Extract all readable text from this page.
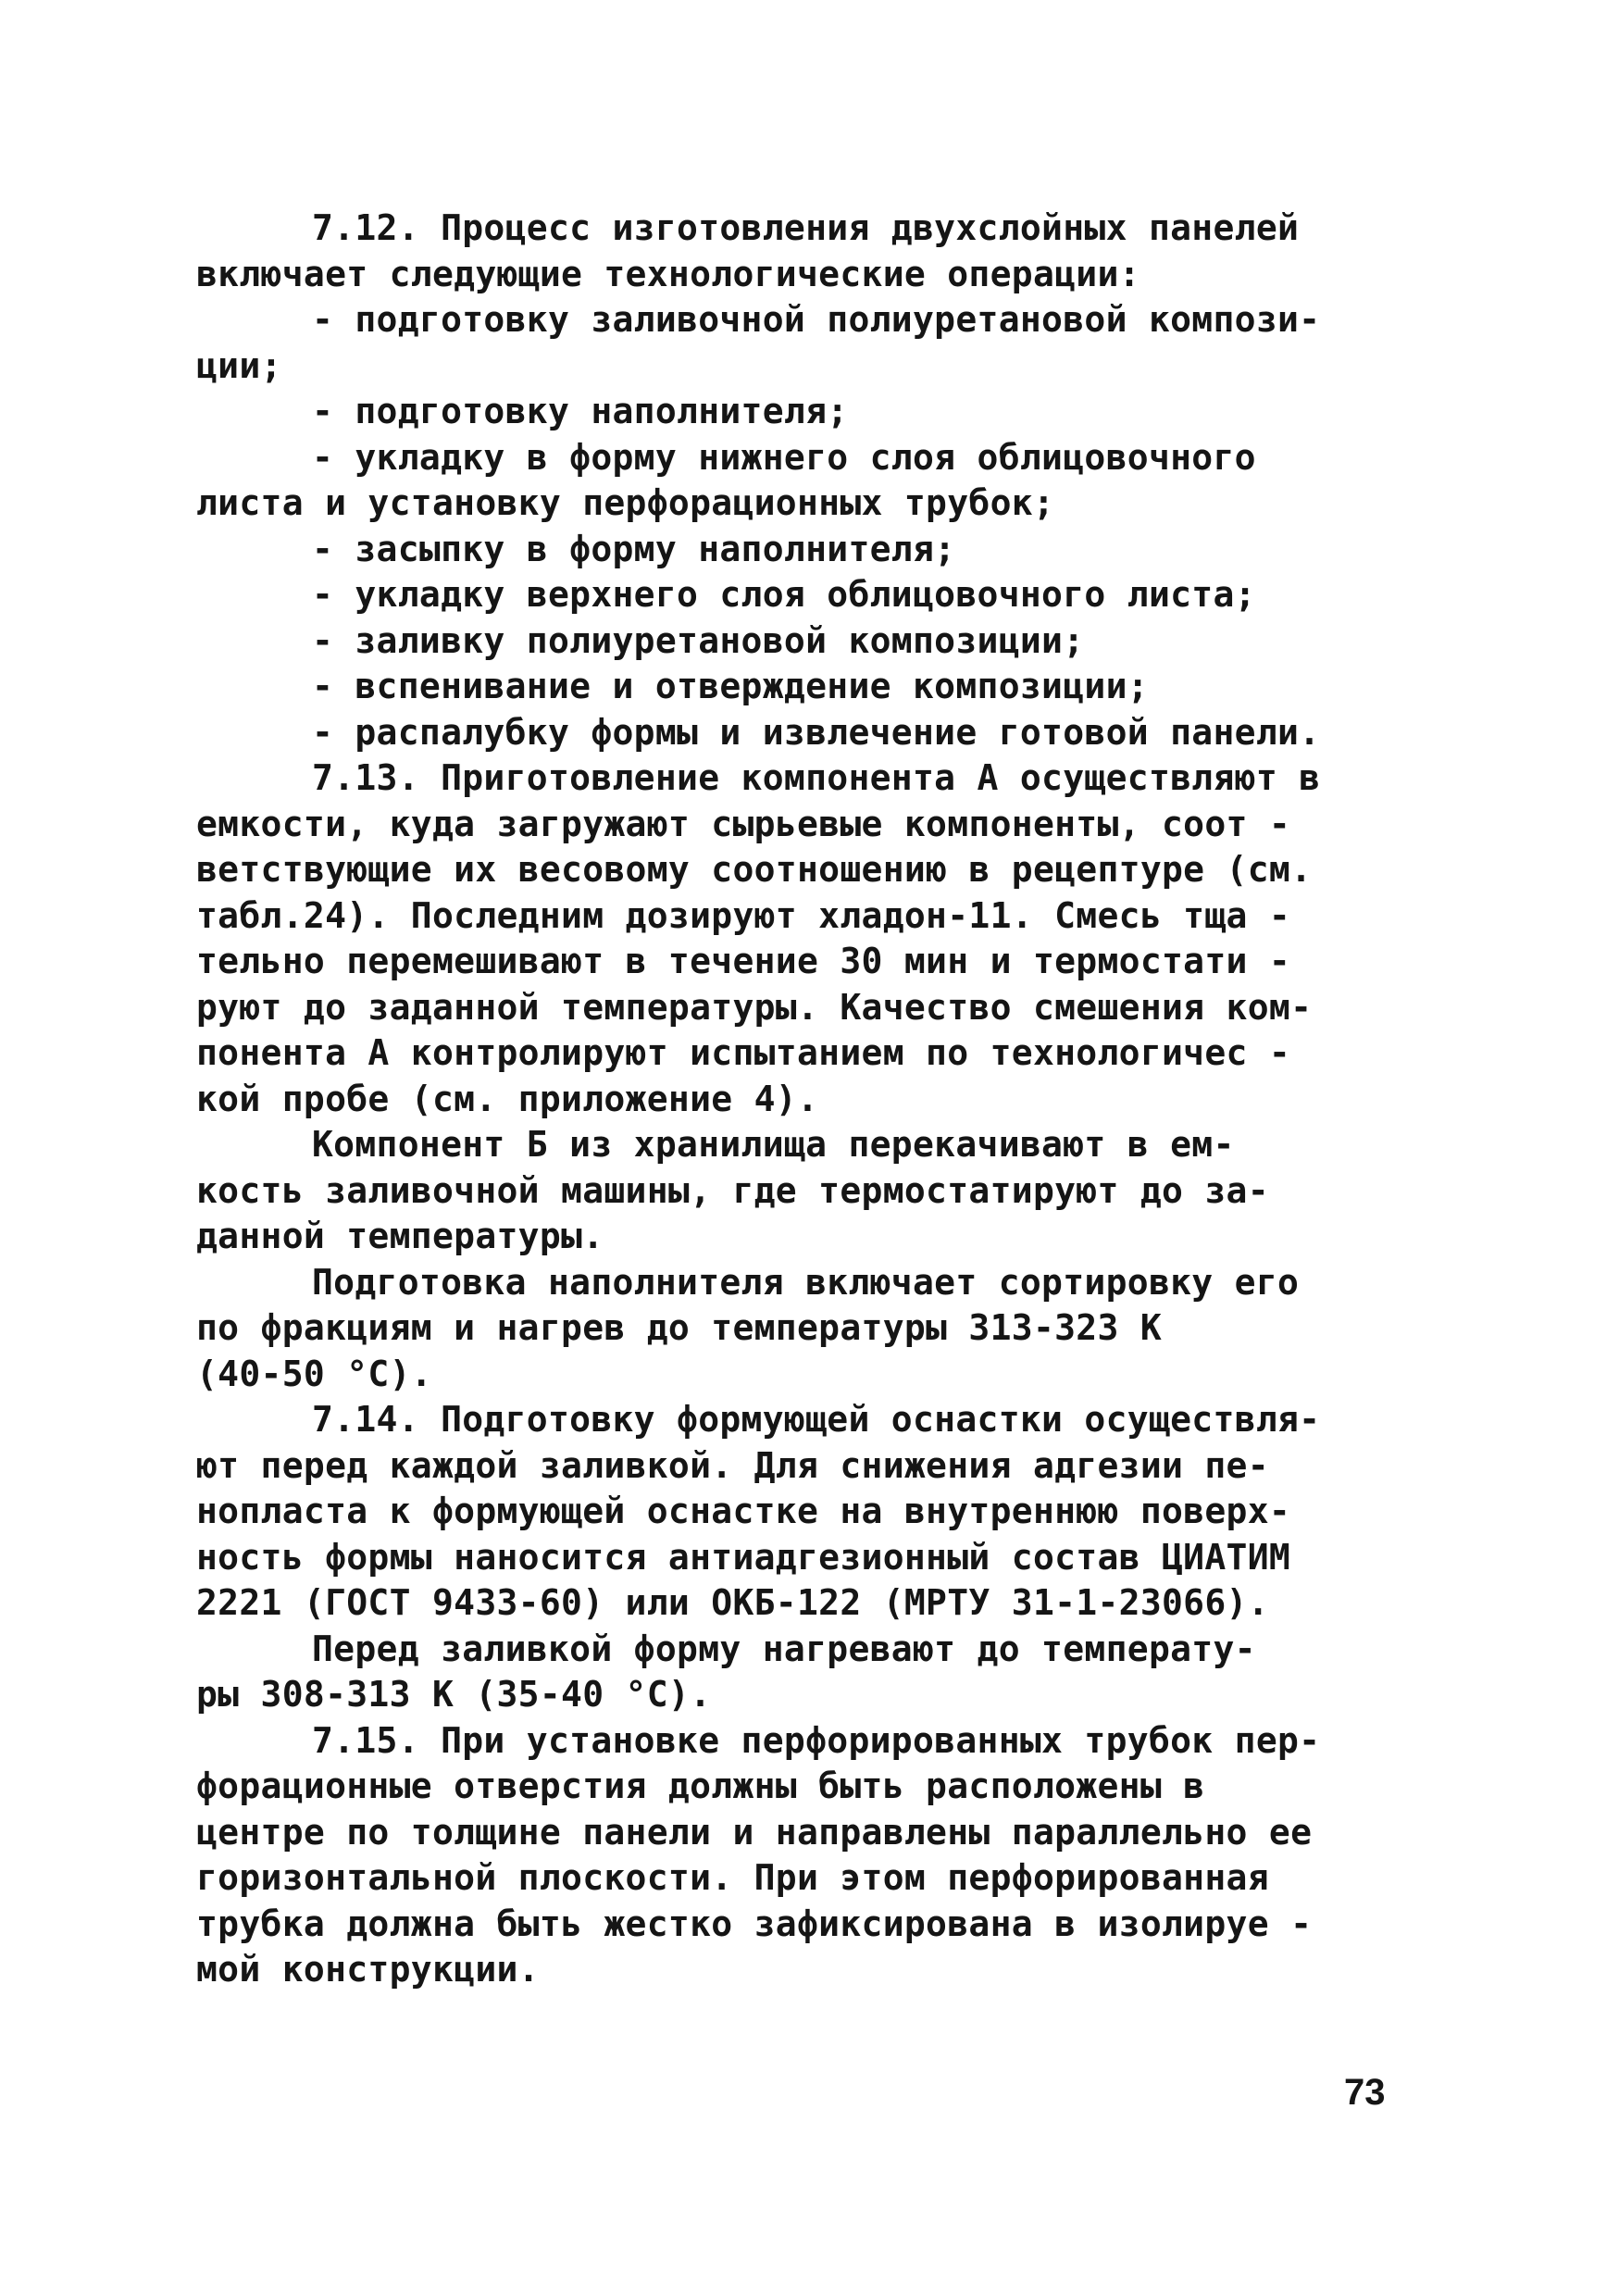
7.12. Процесс изготовления двухслойных панелей
включает следующие технологические операции:
- подготовку заливочной полиуретановой компози-
ции;
- подготовку наполнителя;
- укладку в форму нижнего слоя облицовочного
листа и установку перфорационных трубок;
- засыпку в форму наполнителя;
- укладку верхнего слоя облицовочного листа;
- заливку полиуретановой композиции;
- вспенивание и отверждение композиции;
- распалубку формы и извлечение готовой панели.
7.13. Приготовление компонента А осуществляют в
емкости, куда загружают сырьевые компоненты, соот -
ветствующие их весовому соотношению в рецептуре (см.
табл.24). Последним дозируют хладон-11. Смесь тща -
тельно перемешивают в течение 30 мин и термостати -
руют до заданной температуры. Качество смешения ком-
понента А контролируют испытанием по технологичес -
кой пробе (см. приложение 4).
Компонент Б из хранилища перекачивают в ем-
кость заливочной машины, где термостатируют до за-
данной температуры.
Подготовка наполнителя включает сортировку его
по фракциям и нагрев до температуры 313-323 К
(40-50 °С).
7.14. Подготовку формующей оснастки осуществля-
ют перед каждой заливкой. Для снижения адгезии пе-
нопласта к формующей оснастке на внутреннюю поверх-
ность формы наносится антиадгезионный состав ЦИАТИМ
2221 (ГОСТ 9433-60) или ОКБ-122 (МРТУ 31-1-23066).
Перед заливкой форму нагревают до температу-
ры 308-313 К (35-40 °С).
7.15. При установке перфорированных трубок пер-
форационные отверстия должны быть расположены в
центре по толщине панели и направлены параллельно ее
горизонтальной плоскости. При этом перфорированная
трубка должна быть жестко зафиксирована в изолируе -
мой конструкции.
73
